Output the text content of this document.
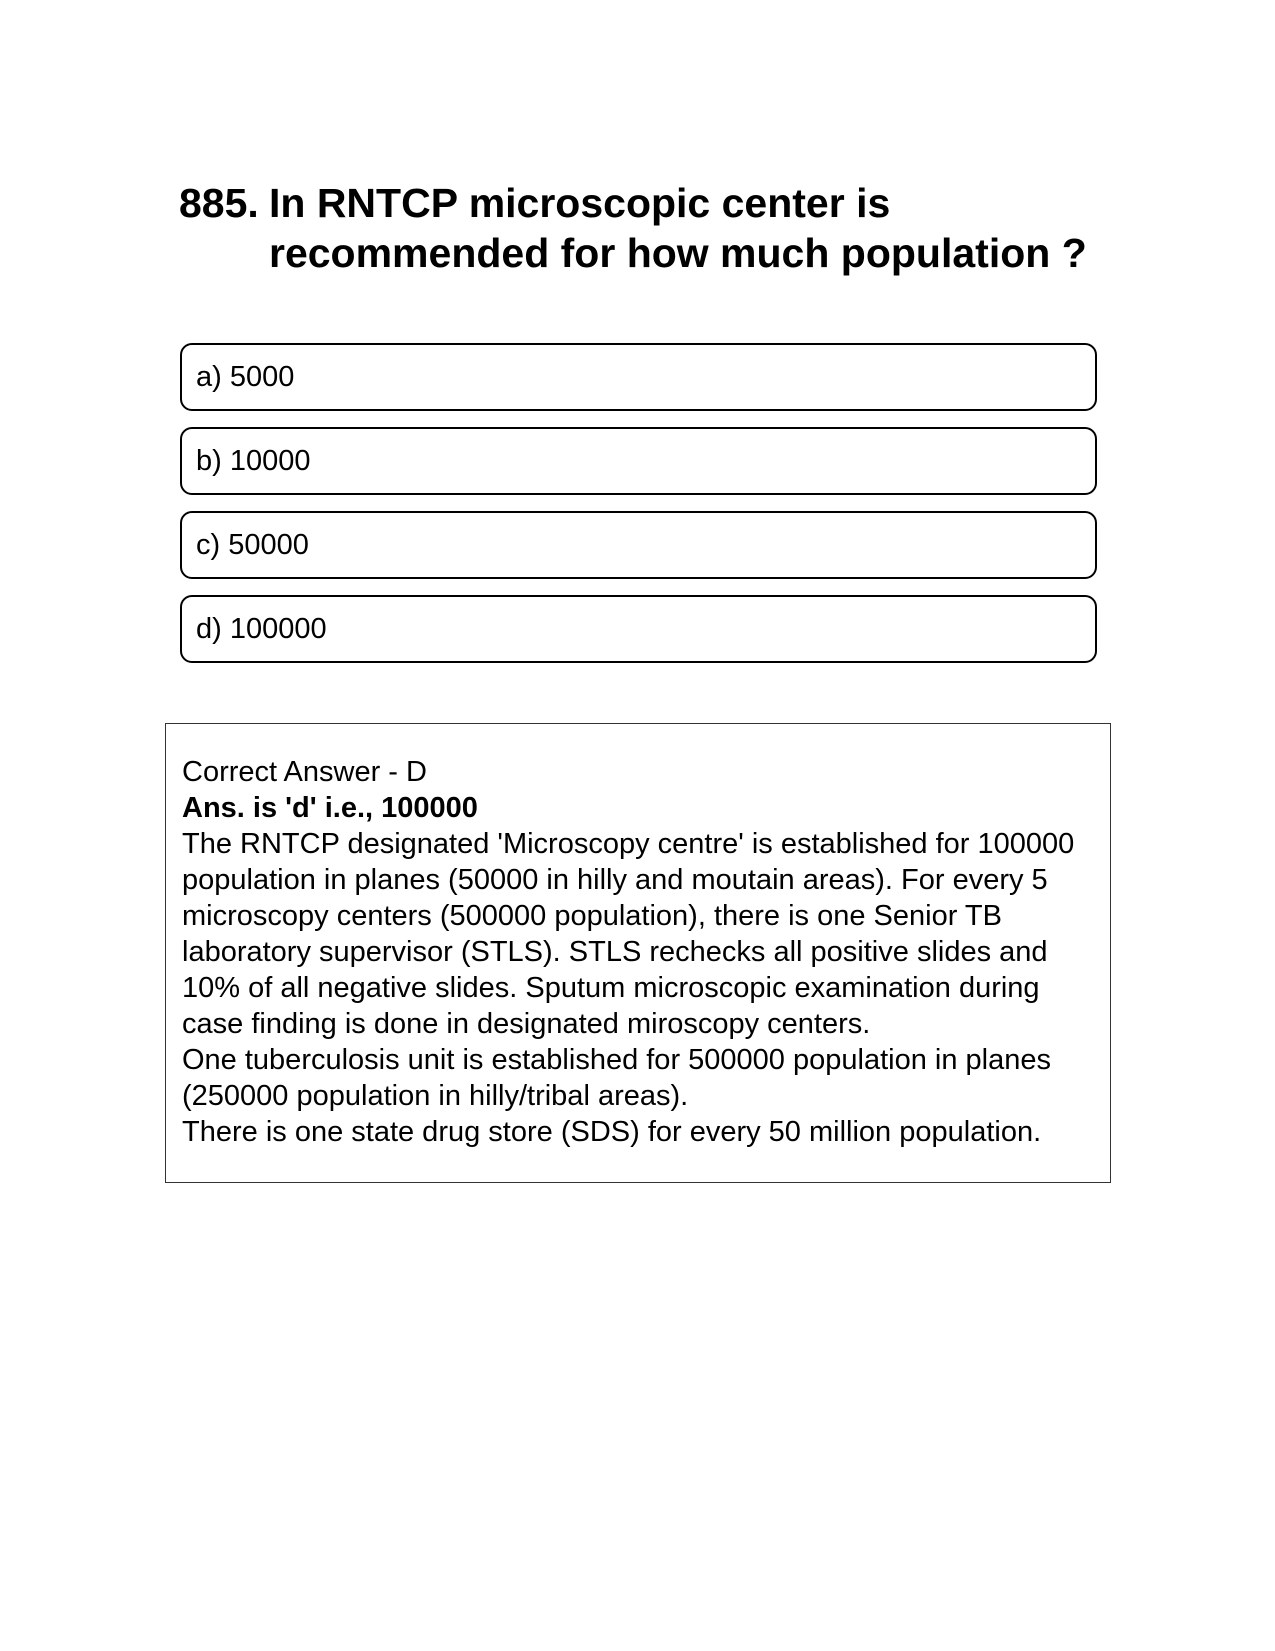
885. In RNTCP microscopic center is recommended for how much population ?
a) 5000
b) 10000
c) 50000
d) 100000
Correct Answer - D
Ans. is 'd' i.e., 100000
The RNTCP designated 'Microscopy centre' is established for 100000 population in planes (50000 in hilly and moutain areas). For every 5 microscopy centers (500000 population), there is one Senior TB laboratory supervisor (STLS). STLS rechecks all positive slides and 10% of all negative slides. Sputum microscopic examination during case finding is done in designated miroscopy centers.
One tuberculosis unit is established for 500000 population in planes (250000 population in hilly/tribal areas).
There is one state drug store (SDS) for every 50 million population.
